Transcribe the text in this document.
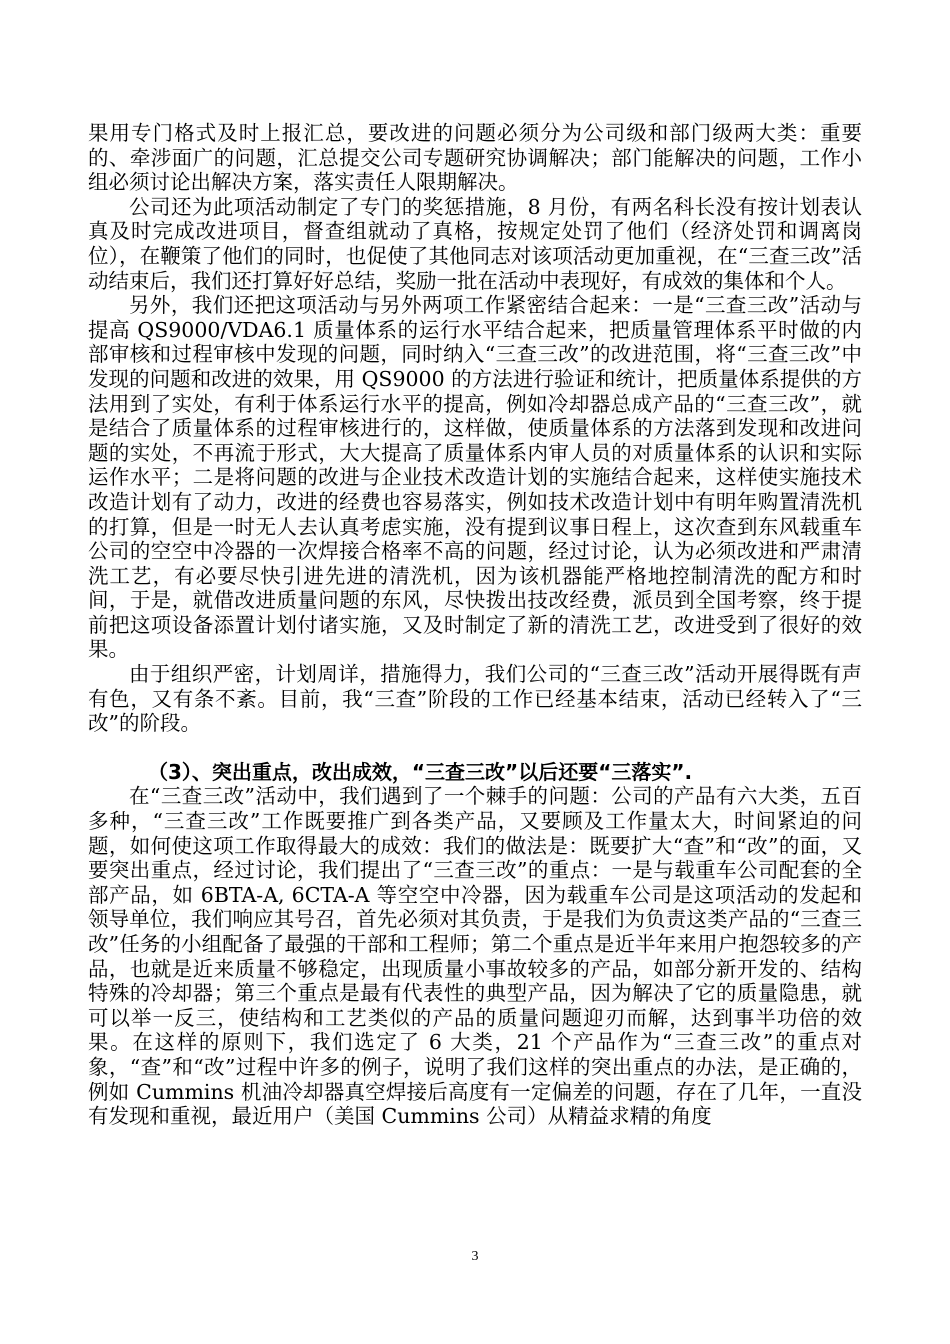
果用专门格式及时上报汇总，要改进的问题必须分为公司级和部门级两大类：重要的、牵涉面广的问题，汇总提交公司专题研究协调解决；部门能解决的问题，工作小组必须讨论出解决方案，落实责任人限期解决。

公司还为此项活动制定了专门的奖惩措施，8 月份，有两名科长没有按计划表认真及时完成改进项目，督查组就动了真格，按规定处罚了他们（经济处罚和调离岗位），在鞭策了他们的同时，也促使了其他同志对该项活动更加重视，在“三查三改”活动结束后，我们还打算好好总结，奖励一批在活动中表现好，有成效的集体和个人。

另外，我们还把这项活动与另外两项工作紧密结合起来：一是“三查三改”活动与提高 QS9000/VDA6.1 质量体系的运行水平结合起来，把质量管理体系平时做的内部审核和过程审核中发现的问题，同时纳入“三查三改”的改进范围，将“三查三改”中发现的问题和改进的效果，用 QS9000 的方法进行验证和统计，把质量体系提供的方法用到了实处，有利于体系运行水平的提高，例如冷却器总成产品的“三查三改”，就是结合了质量体系的过程审核进行的，这样做，使质量体系的方法落到发现和改进问题的实处，不再流于形式，大大提高了质量体系内审人员的对质量体系的认识和实际运作水平；二是将问题的改进与企业技术改造计划的实施结合起来，这样使实施技术改造计划有了动力，改进的经费也容易落实，例如技术改造计划中有明年购置清洗机的打算，但是一时无人去认真考虑实施，没有提到议事日程上，这次查到东风载重车公司的空空中冷器的一次焊接合格率不高的问题，经过讨论，认为必须改进和严肃清洗工艺，有必要尽快引进先进的清洗机，因为该机器能严格地控制清洗的配方和时间，于是，就借改进质量问题的东风，尽快拨出技改经费，派员到全国考察，终于提前把这项设备添置计划付诸实施，又及时制定了新的清洗工艺，改进受到了很好的效果。

由于组织严密，计划周详，措施得力，我们公司的“三查三改”活动开展得既有声有色，又有条不紊。目前，我“三查”阶段的工作已经基本结束，活动已经转入了“三改”的阶段。

（3）、突出重点，改出成效，“三查三改”以后还要“三落实”.

在“三查三改”活动中，我们遇到了一个棘手的问题：公司的产品有六大类，五百多种，“三查三改”工作既要推广到各类产品，又要顾及工作量太大，时间紧迫的问题，如何使这项工作取得最大的成效：我们的做法是：既要扩大“查”和“改”的面，又要突出重点，经过讨论，我们提出了“三查三改”的重点：一是与载重车公司配套的全部产品，如 6BTA-A, 6CTA-A 等空空中冷器，因为载重车公司是这项活动的发起和领导单位，我们响应其号召，首先必须对其负责，于是我们为负责这类产品的“三查三改”任务的小组配备了最强的干部和工程师；第二个重点是近半年来用户抱怨较多的产品，也就是近来质量不够稳定，出现质量小事故较多的产品，如部分新开发的、结构特殊的冷却器；第三个重点是最有代表性的典型产品，因为解决了它的质量隐患，就可以举一反三，使结构和工艺类似的产品的质量问题迎刃而解，达到事半功倍的效果。在这样的原则下，我们选定了 6 大类，21 个产品作为“三查三改”的重点对象，“查”和“改”过程中许多的例子，说明了我们这样的突出重点的办法，是正确的，例如 Cummins 机油冷却器真空焊接后高度有一定偏差的问题，存在了几年，一直没有发现和重视，最近用户（美国 Cummins 公司）从精益求精的角度

3
